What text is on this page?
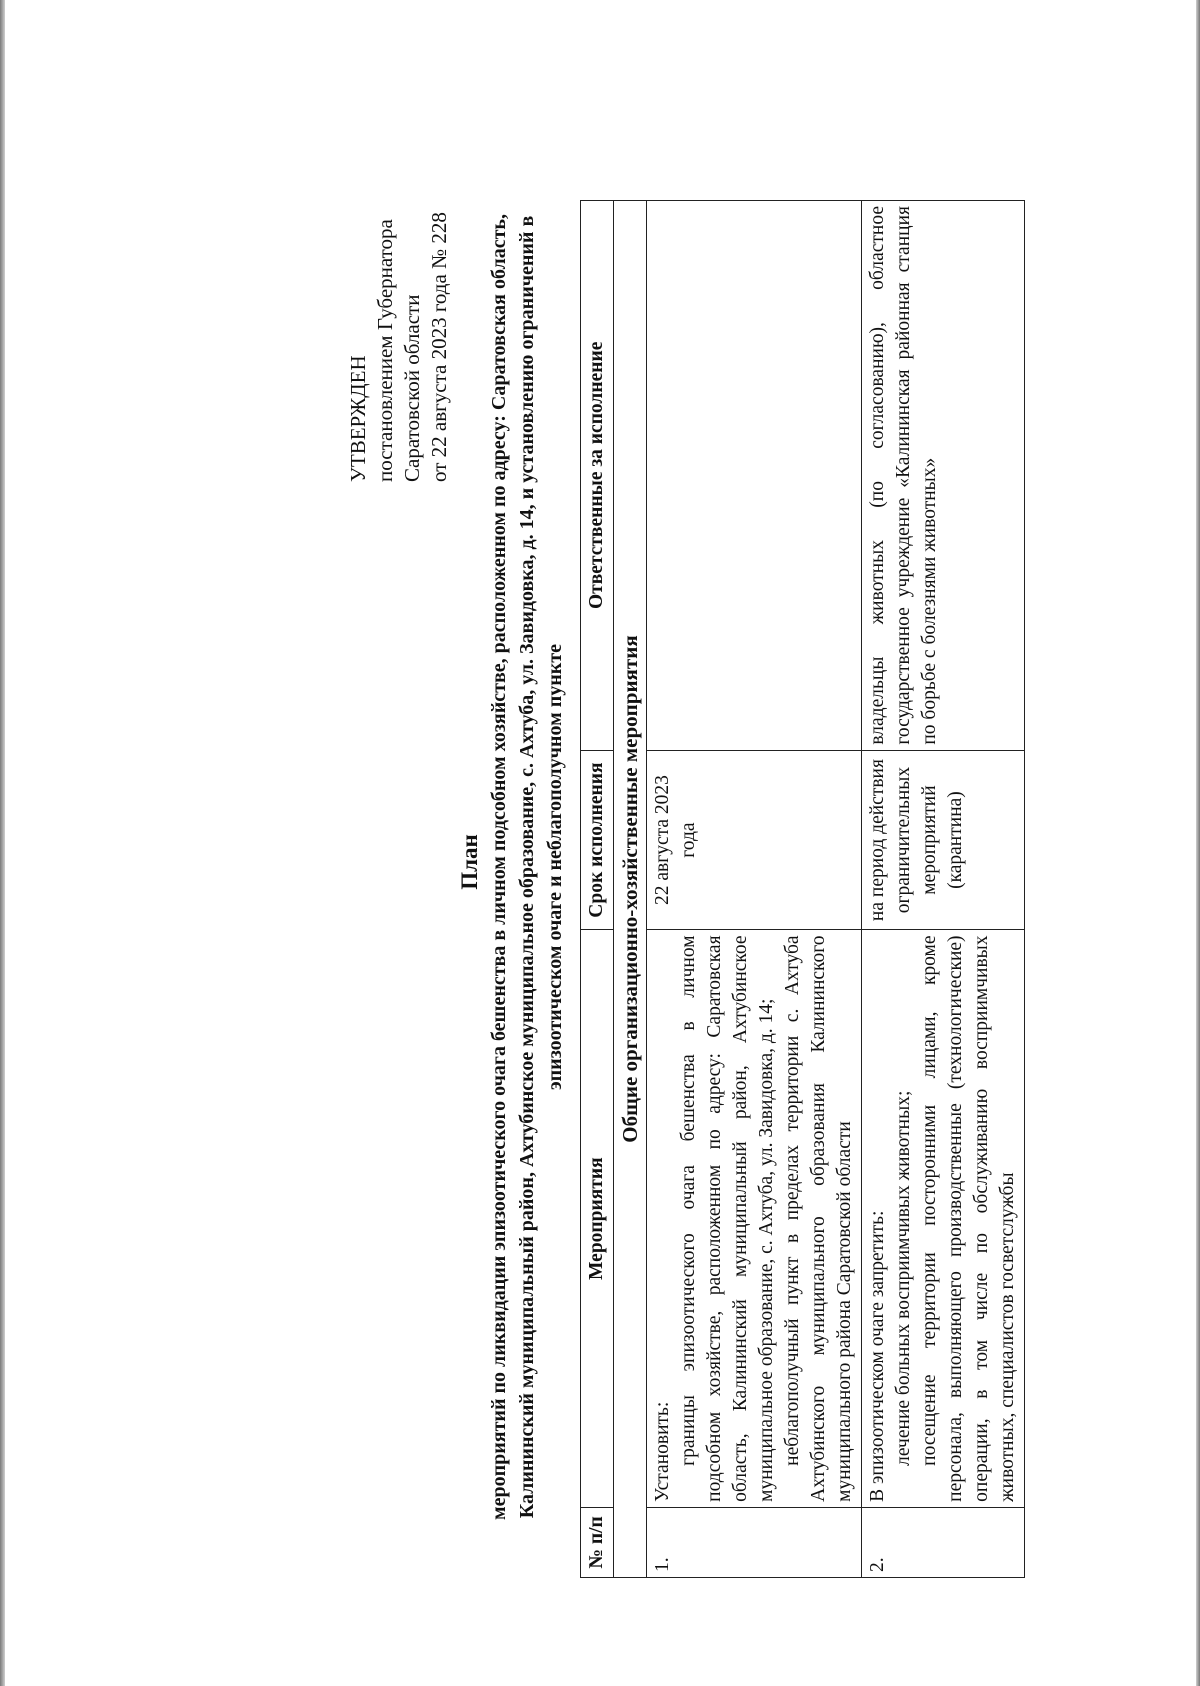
УТВЕРЖДЕН постановлением Губернатора Саратовской области от 22 августа 2023 года № 228
План мероприятий по ликвидации эпизоотического очага бешенства в личном подсобном хозяйстве, расположенном по адресу: Саратовская область, Калининский муниципальный район, Ахтубинское муниципальное образование, с. Ахтуба, ул. Завидовка, д. 14, и установлению ограничений в эпизоотическом очаге и неблагополучном пункте
№ п/п	Мероприятия	Срок исполнения	Ответственные за исполнение
Общие организационно-хозяйственные мероприятия			
1.	Установить: границы эпизоотического очага бешенства в личном подсобном хозяйстве, расположенном по адресу: Саратовская область, Калининский муниципальный район, Ахтубинское муниципальное образование, с. Ахтуба, ул. Завидовка, д. 14; неблагополучный пункт в пределах территории с. Ахтуба Ахтубинского муниципального образования Калининского муниципального района Саратовской области	22 августа 2023 года	
2.	В эпизоотическом очаге запретить: лечение больных восприимчивых животных; посещение территории посторонними лицами, кроме персонала, выполняющего производственные (технологические) операции, в том числе по обслуживанию восприимчивых животных, специалистов госветслужбы	на период действия ограничительных мероприятий (карантина)	владельцы животных (по согласованию), областное государственное учреждение «Калининская районная станция по борьбе с болезнями животных»
